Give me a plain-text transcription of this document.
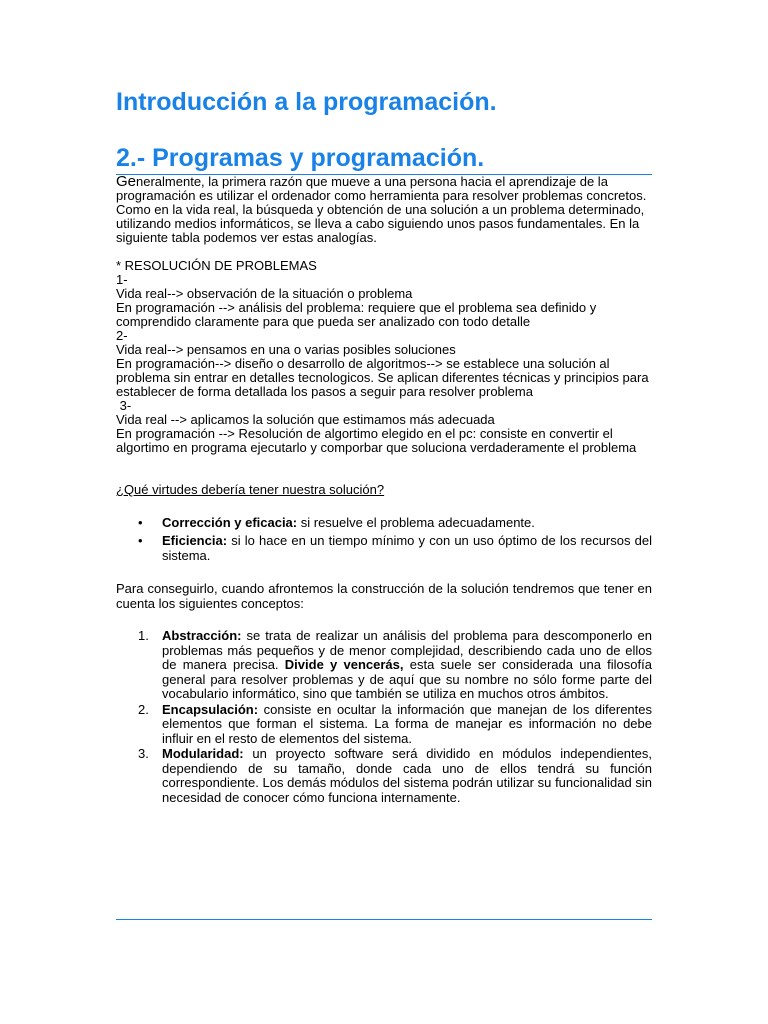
Introducción a la programación.
2.- Programas y programación.

Generalmente, la primera razón que mueve a una persona hacia el aprendizaje de la programación es utilizar el ordenador como herramienta para resolver problemas concretos. Como en la vida real, la búsqueda y obtención de una solución a un problema determinado, utilizando medios informáticos, se lleva a cabo siguiendo unos pasos fundamentales. En la siguiente tabla podemos ver estas analogías.

* RESOLUCIÓN DE PROBLEMAS
1-
Vida real--> observación de la situación o problema
En programación --> análisis del problema: requiere que el problema sea definido y
comprendido claramente para que pueda ser analizado con todo detalle
2-
Vida real--> pensamos en una o varias posibles soluciones
En programación--> diseño o desarrollo de algoritmos--> se establece una solución al
problema sin entrar en detalles tecnologicos. Se aplican diferentes técnicas y principios para
establecer de forma detallada los pasos a seguir para resolver problema
3-
Vida real --> aplicamos la solución que estimamos más adecuada
En programación --> Resolución de algortimo elegido en el pc: consiste en convertir el
algortimo en programa ejecutarlo y comporbar que soluciona verdaderamente el problema
¿Qué virtudes debería tener nuestra solución?
• Corrección y eficacia: si resuelve el problema adecuadamente.
• Eficiencia: si lo hace en un tiempo mínimo y con un uso óptimo de los recursos del sistema.

Para conseguirlo, cuando afrontemos la construcción de la solución tendremos que tener en cuenta los siguientes conceptos:

1. Abstracción: se trata de realizar un análisis del problema para descomponerlo en problemas más pequeños y de menor complejidad, describiendo cada uno de ellos de manera precisa. Divide y vencerás, esta suele ser considerada una filosofía general para resolver problemas y de aquí que su nombre no sólo forme parte del vocabulario informático, sino que también se utiliza en muchos otros ámbitos.
2. Encapsulación: consiste en ocultar la información que manejan de los diferentes elementos que forman el sistema. La forma de manejar es información no debe influir en el resto de elementos del sistema.
3. Modularidad: un proyecto software será dividido en módulos independientes, dependiendo de su tamaño, donde cada uno de ellos tendrá su función correspondiente. Los demás módulos del sistema podrán utilizar su funcionalidad sin necesidad de conocer cómo funciona internamente.
